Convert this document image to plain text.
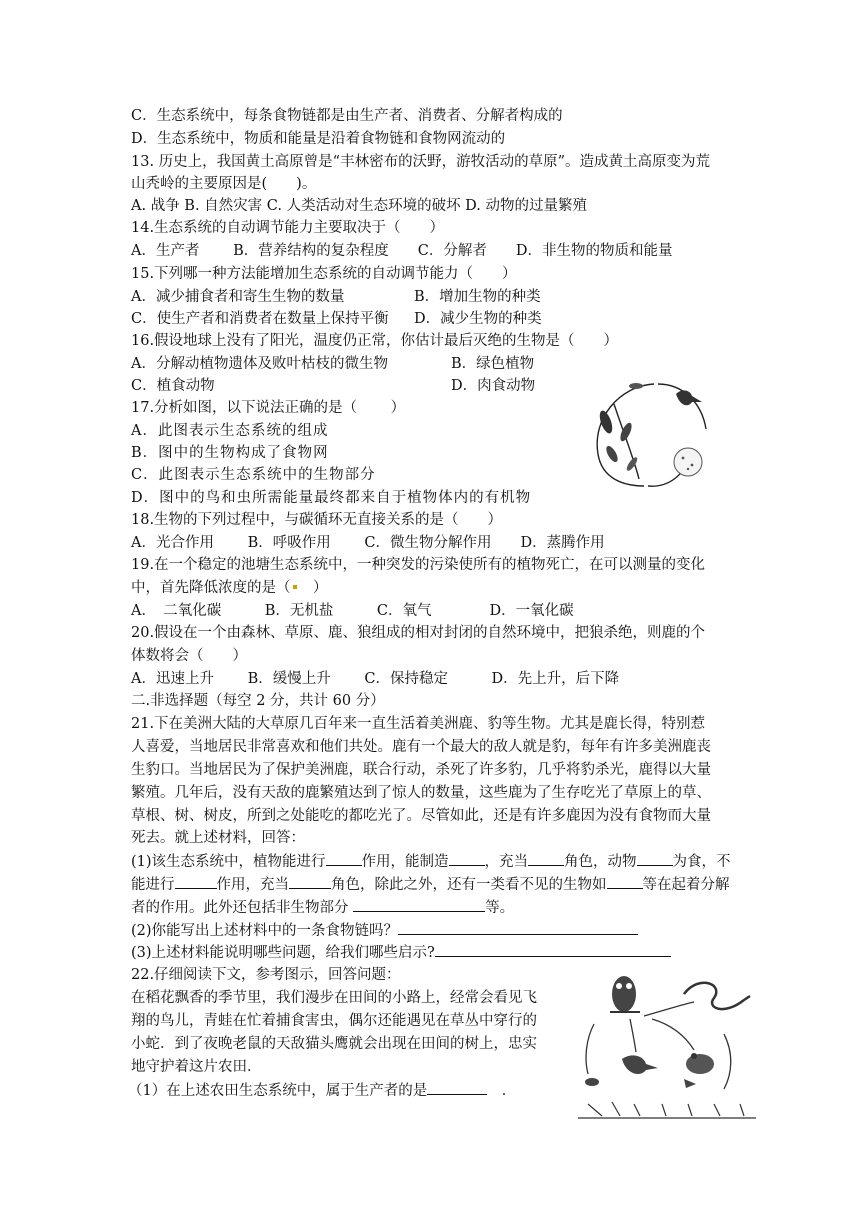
C．生态系统中，每条食物链都是由生产者、消费者、分解者构成的
D．生态系统中，物质和能量是沿着食物链和食物网流动的
13. 历史上，我国黄土高原曾是“丰林密布的沃野，游牧活动的草原”。造成黄土高原变为荒
山秃岭的主要原因是(　　)。
A. 战争 B. 自然灾害 C. 人类活动对生态环境的破坏 D. 动物的过量繁殖
14.生态系统的自动调节能力主要取决于（　　）
A．生产者　　 B．营养结构的复杂程度　　C．分解者　　D．非生物的物质和能量
15.下列哪一种方法能增加生态系统的自动调节能力（　　）
A．减少捕食者和寄生生物的数量	B．增加生物的种类
C．使生产者和消费者在数量上保持平衡 D．减少生物的种类
16.假设地球上没有了阳光，温度仍正常，你估计最后灭绝的生物是（　　）
A．分解动植物遗体及败叶枯枝的微生物	B．绿色植物
C．植食动物	D．肉食动物
17.分析如图，以下说法正确的是（　　 ）
A．此图表示生态系统的组成
B．图中的生物构成了食物网
C．此图表示生态系统中的生物部分
D．图中的鸟和虫所需能量最终都来自于植物体内的有机物
18.生物的下列过程中，与碳循环无直接关系的是（　　）
A．光合作用　　 B．呼吸作用　　 C．微生物分解作用　　D．蒸腾作用
19.在一个稳定的池塘生态系统中，一种突发的污染使所有的植物死亡，在可以测量的变化
中，首先降低浓度的是（　）
A．　二氧化碳　　　B．无机盐　　　C．氧气　　　　D．一氧化碳
20.假设在一个由森林、草原、鹿、狼组成的相对封闭的自然环境中，把狼杀绝，则鹿的个
体数将会（　　）
A．迅速上升　　 B．缓慢上升　　 C．保持稳定　　　D．先上升，后下降
二.非选择题（每空 2 分，共计 60 分）
21.下在美洲大陆的大草原几百年来一直生活着美洲鹿、豹等生物。尤其是鹿长得，特别惹
人喜爱，当地居民非常喜欢和他们共处。鹿有一个最大的敌人就是豹，每年有许多美洲鹿丧
生豹口。当地居民为了保护美洲鹿，联合行动，杀死了许多豹，几乎将豹杀光，鹿得以大量
繁殖。几年后，没有天敌的鹿繁殖达到了惊人的数量，这些鹿为了生存吃光了草原上的草、
草根、树、树皮，所到之处能吃的都吃光了。尽管如此，还是有许多鹿因为没有食物而大量
死去。就上述材料，回答：
(1)该生态系统中，植物能进行 作用，能制造 ，充当 角色，动物 为食，不
能进行	作用，充当	角色，除此之外，还有一类看不见的生物如 等在起着分解
者的作用。此外还包括非生物部分	等。
(2)你能写出上述材料中的一条食物链吗？
(3)上述材料能说明哪些问题，给我们哪些启示?
22.仔细阅读下文，参考图示，回答问题：
在稻花飘香的季节里，我们漫步在田间的小路上，经常会看见飞
翔的鸟儿，青蛙在忙着捕食害虫，偶尔还能遇见在草丛中穿行的
小蛇．到了夜晚老鼠的天敌猫头鹰就会出现在田间的树上，忠实
地守护着这片农田．
（1）在上述农田生态系统中，属于生产者的是	　．
